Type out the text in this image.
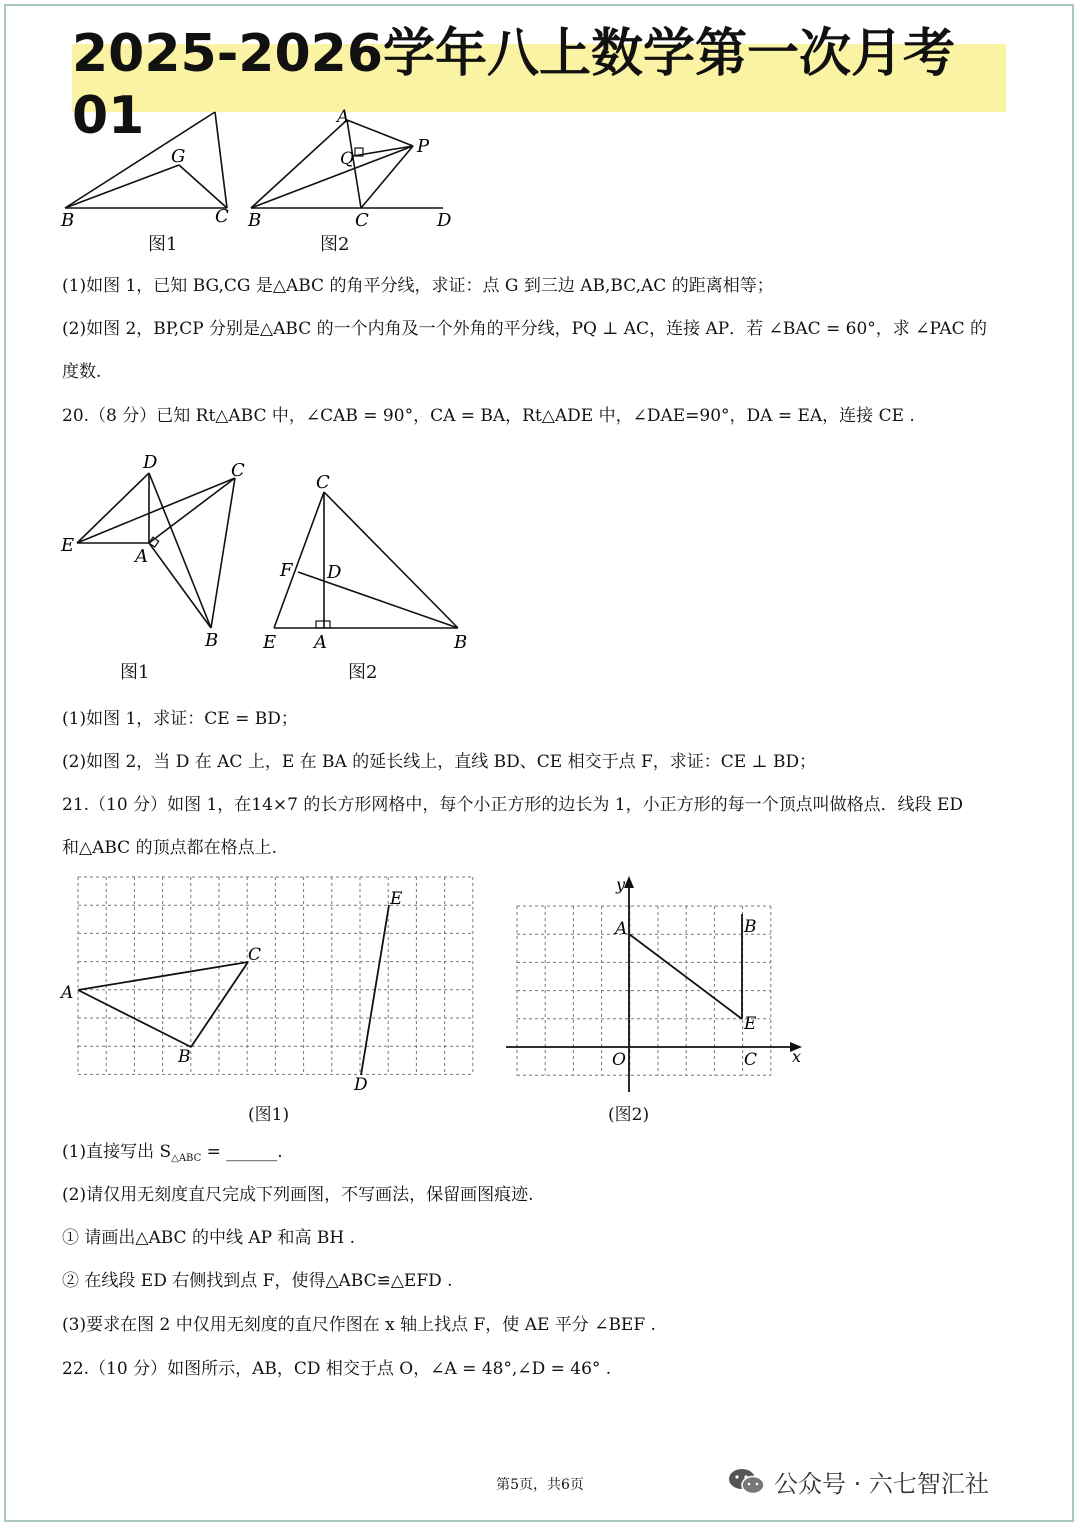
2025-2026学年八上数学第一次月考01
B	C
G
图1
A
B	C	D
P
Q
图2
(1)如图 1，已知 BG,CG 是△ABC 的角平分线，求证：点 G 到三边 AB,BC,AC 的距离相等；
(2)如图 2，BP,CP 分别是△ABC 的一个内角及一个外角的平分线，PQ ⊥ AC，连接 AP．若 ∠BAC = 60°，求 ∠PAC 的
度数.
20.（8 分）已知 Rt△ABC 中，∠CAB = 90°，CA = BA，Rt△ADE 中，∠DAE=90°，DA = EA，连接 CE .
D	C
E
A
B
图1
C
F D
E A	B
图2
(1)如图 1，求证：CE = BD；
(2)如图 2，当 D 在 AC 上，E 在 BA 的延长线上，直线 BD、CE 相交于点 F，求证：CE ⊥ BD；
21.（10 分）如图 1，在14×7 的长方形网格中，每个小正方形的边长为 1，小正方形的每一个顶点叫做格点．线段 ED
和△ABC 的顶点都在格点上.
A
B
C
E
D
(图1)
y
x
O
A	B
E
C
(图2)
(1)直接写出 $S_{\triangle ABC}$ = ______.
(2)请仅用无刻度直尺完成下列画图，不写画法，保留画图痕迹.
① 请画出△ABC 的中线 AP 和高 BH .
② 在线段 ED 右侧找到点 F，使得△ABC≌△EFD .
(3)要求在图 2 中仅用无刻度的直尺作图在 x 轴上找点 F，使 AE 平分 ∠BEF .
22.（10 分）如图所示，AB，CD 相交于点 O，∠A = 48°,∠D = 46° .
第5页，共6页	公众号 · 六七智汇社
